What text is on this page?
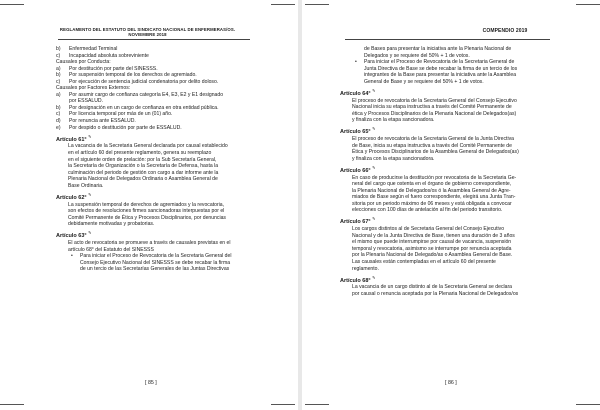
REGLAMENTO DEL ESTATUTO DEL SINDICATO NACIONAL DE ENFERMERAS/OS.
NOVIEMBRE 2018
b) Enfermedad Terminal
c) Incapacidad absoluta sobreviniente
Causales por Conducta:
a) Por destitución por parte del SINESSS.
b) Por suspensión temporal de los derechos de agremiado.
c) Por ejecución de sentencia judicial condenatoria por delito doloso.
Causales por Factores Externos:
a) Por asumir cargo de confianza categoría E4, E3, E2 y E1 designado
por ESSALUD.
b) Por designación en un cargo de confianza en otra entidad pública.
c) Por licencia temporal por más de un (01) año.
d) Por renuncia ante ESSALUD.
e) Por despido o destitución por parte de ESSALUD.
Artículo 61° ✎
La vacancia de la Secretaria General declarada por causal establecido
en el artículo 60 del presente reglamento, genera su reemplazo
en el siguiente orden de prelación: por la Sub Secretaría General,
la Secretaría de Organización o la Secretaría de Defensa, hasta la
culminación del periodo de gestión con cargo a dar informe ante la
Plenaria Nacional de Delegados Ordinaria o Asamblea General de
Base Ordinaria.
Artículo 62° ✎
La suspensión temporal de derechos de agremiados y la revocatoria,
son efectos de resoluciones firmes sancionadoras interpuestas por el
Comité Permanente de Ética y Procesos Disciplinarios, por denuncias
debidamente motivadas y probatorias.
Artículo 63° ✎
El acto de revocatoria se promueve a través de causales previstas en el
artículo 68° del Estatuto del SINESSS
• Para iniciar el Proceso de Revocatoria de la Secretaria General del
Consejo Ejecutivo Nacional del SINESSS se debe recabar la firma
de un tercio de las Secretarías Generales de las Juntas Directivas
[ 85 ]
COMPENDIO 2019
de Bases para presentar la iniciativa ante la Plenaria Nacional de
Delegados y se requiere del 50% + 1 de votos.
• Para iniciar el Proceso de Revocatoria de la Secretaria General de
Junta Directiva de Base se debe recabar la firma de un tercio de los
integrantes de la Base para presentar la iniciativa ante la Asamblea
General de Base y se requiere del 50% + 1 de votos.
Artículo 64° ✎
El proceso de revocatoria de la Secretaria General del Consejo Ejecutivo
Nacional inicia su etapa instructiva a través del Comité Permanente de
ética y Procesos Disciplinarios de la Plenaria Nacional de Delegados(as)
y finaliza con la etapa sancionadora.
Artículo 65° ✎
El proceso de revocatoria de la Secretaria General de la Junta Directiva
de Base, inicia su etapa instructiva a través del Comité Permanente de
Ética y Procesos Disciplinarios de la Asamblea General de Delegados(as)
y finaliza con la etapa sancionadora.
Artículo 66° ✎
En caso de producirse la destitución por revocatoria de la Secretaria Ge-
neral del cargo que ostenta en el órgano de gobierno correspondiente,
la Plenaria Nacional de Delegados/os ó la Asamblea General de Agre-
miados de Base según el fuero correspondiente, elegirá una Junta Tran-
sitoria por un periodo máximo de 06 meses y está obligada a convocar
elecciones con 100 días de antelación al fin del periodo transitorio.
Artículo 67° ✎
Los cargos distintos al de Secretaria General del Consejo Ejecutivo
Nacional y de la Junta Directiva de Base, tienen una duración de 3 años
el mismo que puede interrumpirse por causal de vacancia, suspensión
temporal y revocatoria, asimismo se interrumpe por renuncia aceptada
por la Plenaria Nacional de Delegado/as o Asamblea General de Base.
Las causales están contempladas en el artículo 60 del presente
reglamento.
Artículo 68° ✎
La vacancia de un cargo distinto al de la Secretaria General se declara
por causal o renuncia aceptada por la Plenaria Nacional de Delegados/os
[ 86 ]
